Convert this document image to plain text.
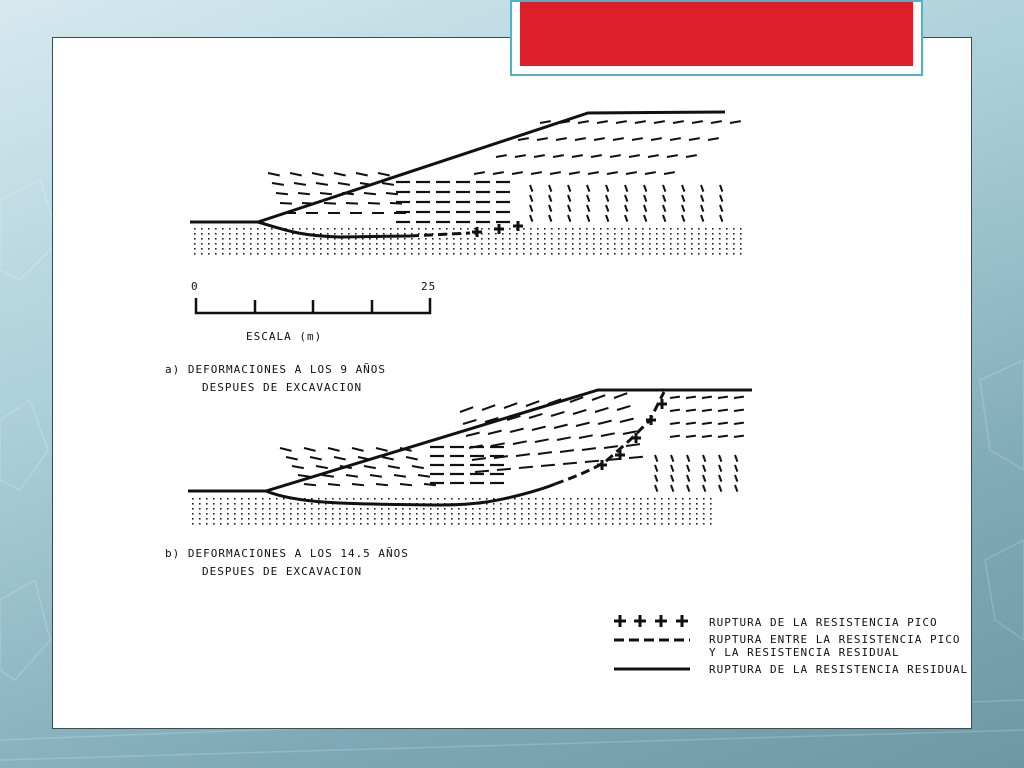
0	25
ESCALA (m)
a) DEFORMACIONES A LOS 9 AÑOS
DESPUES DE EXCAVACION
b) DEFORMACIONES A LOS 14.5 AÑOS
DESPUES DE EXCAVACION
RUPTURA DE LA RESISTENCIA PICO
RUPTURA ENTRE LA RESISTENCIA PICO
Y LA RESISTENCIA RESIDUAL
RUPTURA DE LA RESISTENCIA RESIDUAL
